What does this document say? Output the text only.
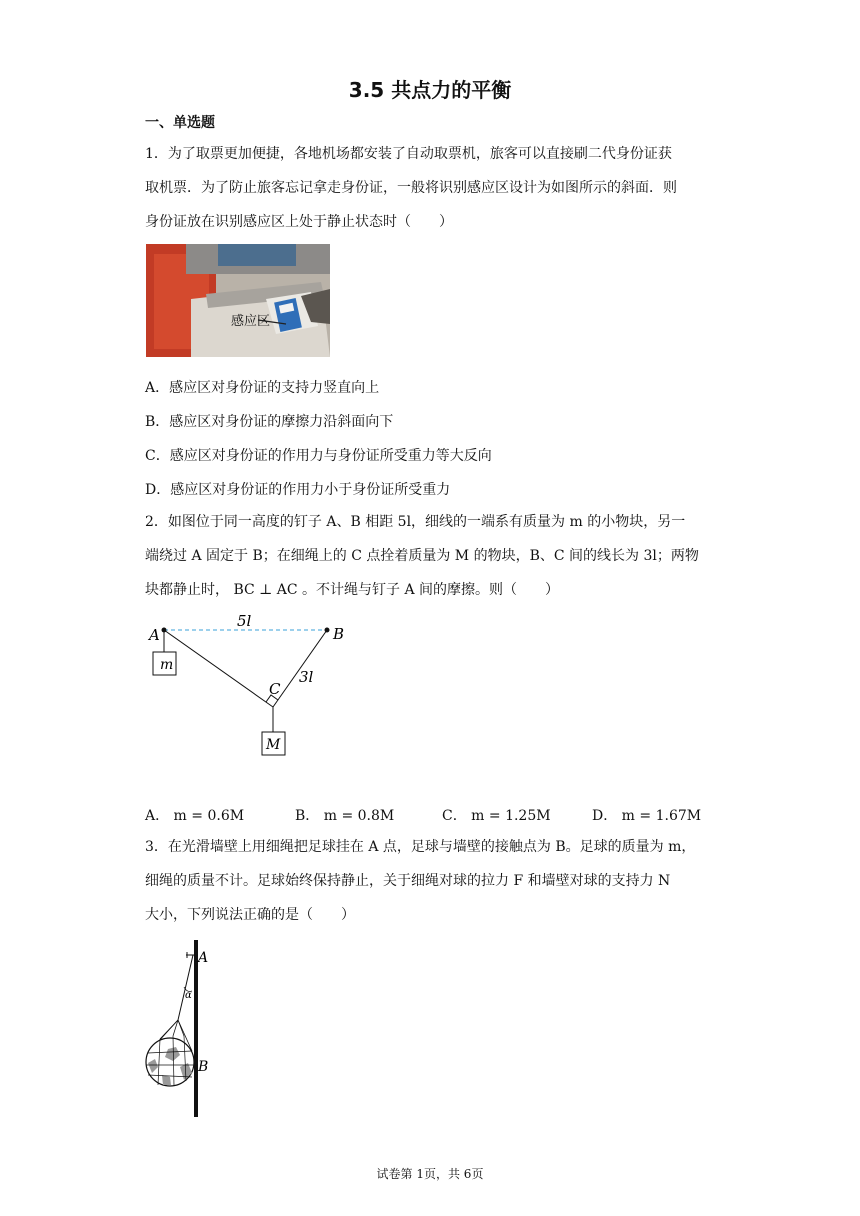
3.5 共点力的平衡
一、单选题
1．为了取票更加便捷，各地机场都安装了自动取票机，旅客可以直接刷二代身份证获
取机票．为了防止旅客忘记拿走身份证，一般将识别感应区设计为如图所示的斜面．则
身份证放在识别感应区上处于静止状态时（　　）
感应区
A．感应区对身份证的支持力竖直向上
B．感应区对身份证的摩擦力沿斜面向下
C．感应区对身份证的作用力与身份证所受重力等大反向
D．感应区对身份证的作用力小于身份证所受重力
2．如图位于同一高度的钉子 A、B 相距 5l，细线的一端系有质量为 m 的小物块，另一
端绕过 A 固定于 B；在细绳上的 C 点拴着质量为 M 的物块，B、C 间的线长为 3l；两物
块都静止时， BC ⊥ AC 。不计绳与钉子 A 间的摩擦。则（　　）
A	B
C
5l
3l
m
M
A． m = 0.6M	B． m = 0.8M	C． m = 1.25M	D． m = 1.67M
3．在光滑墙壁上用细绳把足球挂在 A 点，足球与墙壁的接触点为 B。足球的质量为 m，
细绳的质量不计。足球始终保持静止，关于细绳对球的拉力 F 和墙壁对球的支持力 N
大小，下列说法正确的是（　　）
A
B
α
试卷第 1页，共 6页
